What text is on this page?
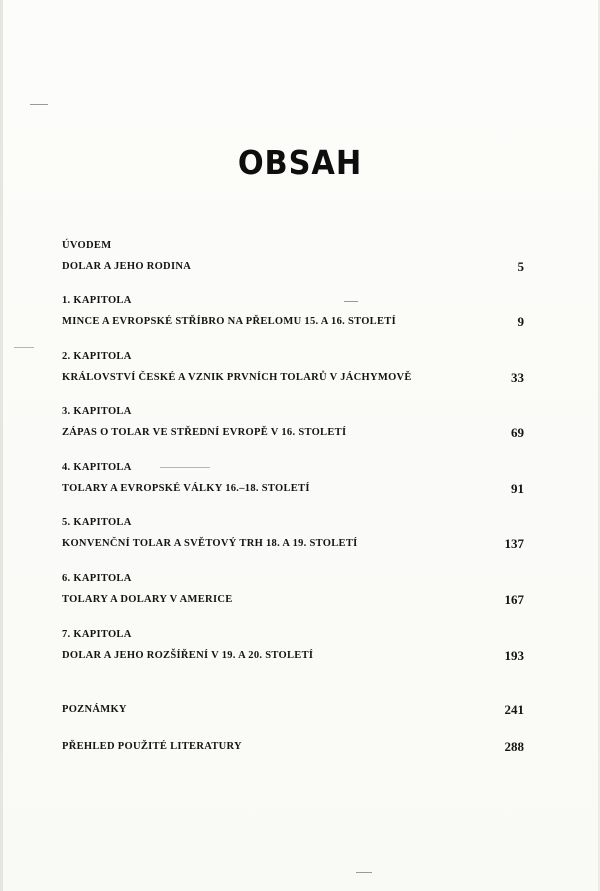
OBSAH
ÚVODEM
DOLAR A JEHO RODINA	5
1. KAPITOLA
MINCE A EVROPSKÉ STŘÍBRO NA PŘELOMU 15. A 16. STOLETÍ	9
2. KAPITOLA
KRÁLOVSTVÍ ČESKÉ A VZNIK PRVNÍCH TOLARŮ V JÁCHYMOVĚ	33
3. KAPITOLA
ZÁPAS O TOLAR VE STŘEDNÍ EVROPĚ V 16. STOLETÍ	69
4. KAPITOLA
TOLARY A EVROPSKÉ VÁLKY 16.–18. STOLETÍ	91
5. KAPITOLA
KONVENČNÍ TOLAR A SVĚTOVÝ TRH 18. A 19. STOLETÍ	137
6. KAPITOLA
TOLARY A DOLARY V AMERICE	167
7. KAPITOLA
DOLAR A JEHO ROZŠÍŘENÍ V 19. A 20. STOLETÍ	193
POZNÁMKY	241
PŘEHLED POUŽITÉ LITERATURY	288
